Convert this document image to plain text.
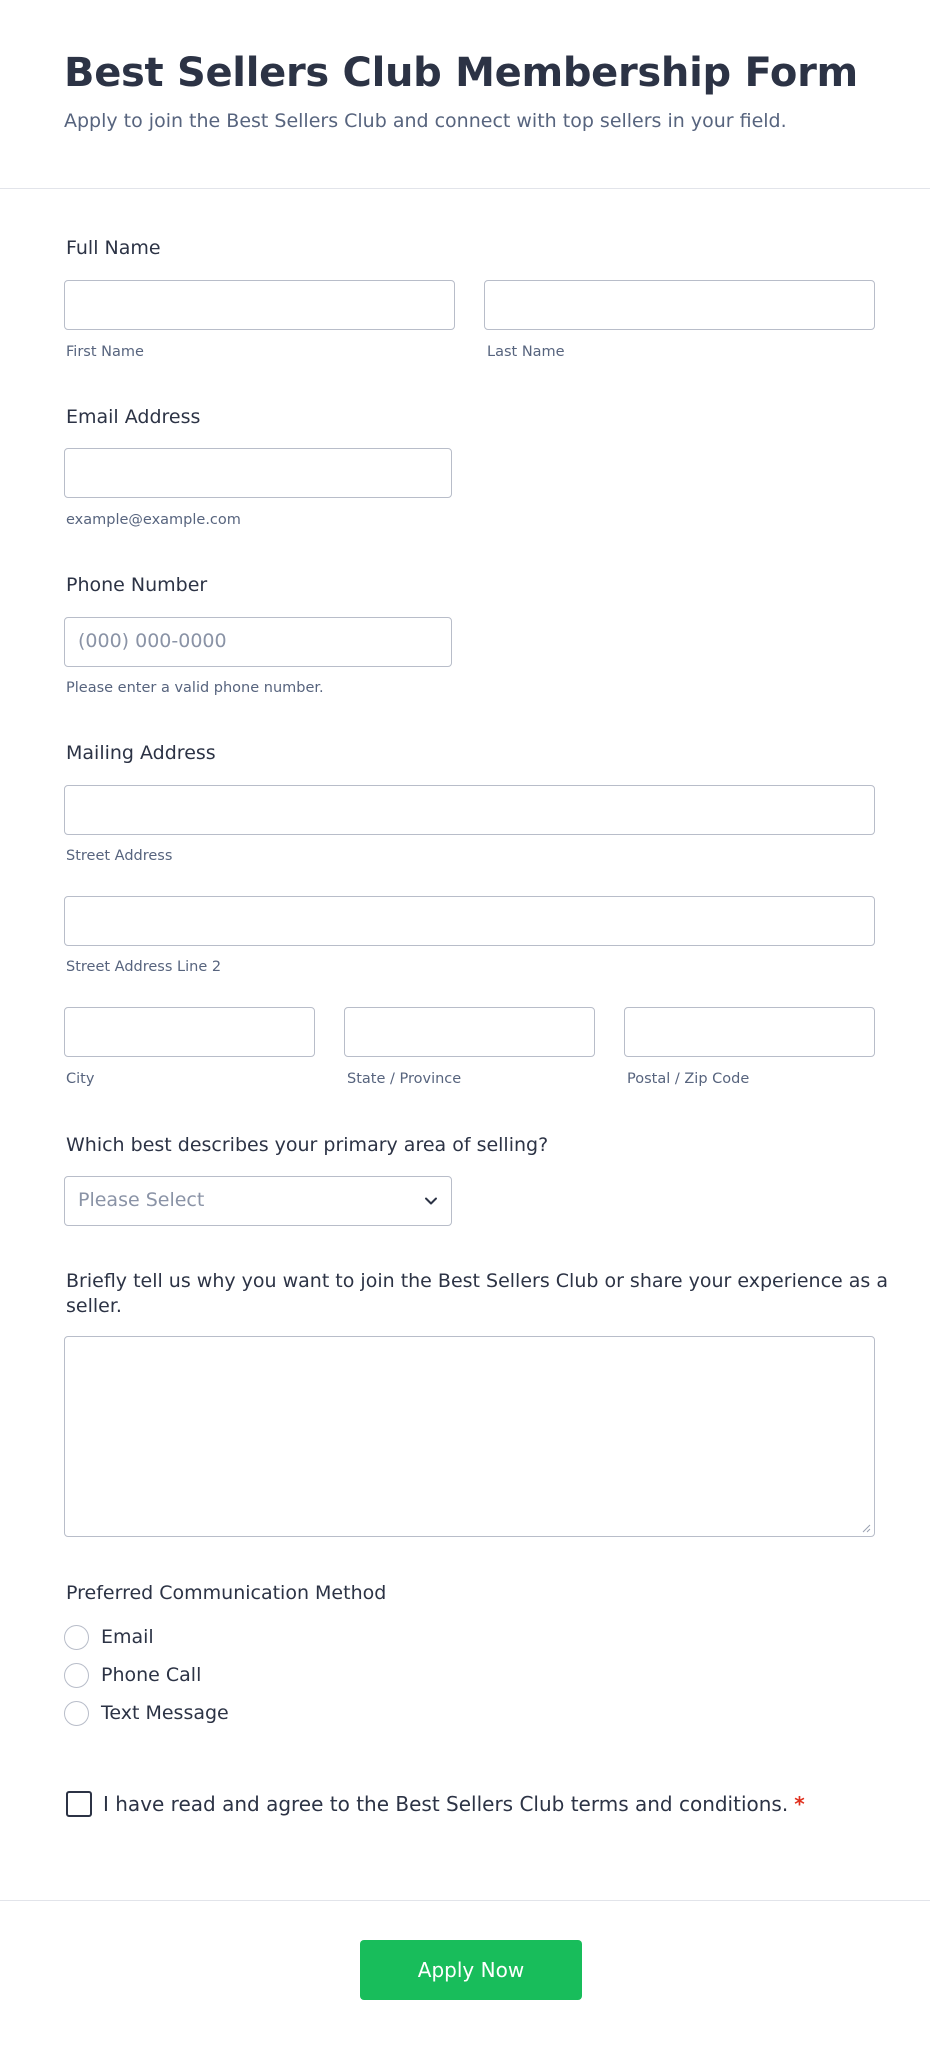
Best Sellers Club Membership Form
Apply to join the Best Sellers Club and connect with top sellers in your field.
Full Name
First Name	Last Name
Email Address
example@example.com
Phone Number
(000) 000-0000
Please enter a valid phone number.
Mailing Address
Street Address
Street Address Line 2
City	State / Province	Postal / Zip Code
Which best describes your primary area of selling?
Please Select
Briefly tell us why you want to join the Best Sellers Club or share your experience as a
seller.
Preferred Communication Method
Email
Phone Call
Text Message
I have read and agree to the Best Sellers Club terms and conditions. *
Apply Now
